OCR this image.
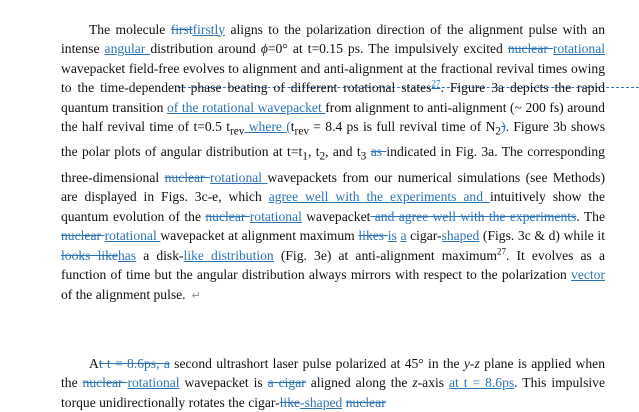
The molecule firstfirstly aligns to the polarization direction of the alignment pulse with an intense angular distribution around ϕ=0° at t=0.15 ps. The impulsively excited nuclear rotational wavepacket field-free evolves to alignment and anti-alignment at the fractional revival times owing to the time-dependent phase beating of different rotational states$^{27}$. Figure 3a depicts the rapid quantum transition of the rotational wavepacket from alignment to anti-alignment (~ 200 fs) around the half revival time of t=0.5 $t_{rev}$ where ($t_{rev} = 8.4$ ps is full revival time of $N_2$). Figure 3b shows the polar plots of angular distribution at $t=t_1$, $t_2$, and $t_3$ as indicated in Fig. 3a. The corresponding three-dimensional nuclear rotational wavepackets from our numerical simulations (see Methods) are displayed in Figs. 3c-e, which agree well with the experiments and intuitively show the quantum evolution of the nuclear rotational wavepacket and agree well with the experiments. The nuclear rotational wavepacket at alignment maximum likes is a cigar-shaped (Figs. 3c & d) while it looks likehas a disk-like distribution (Fig. 3e) at anti-alignment maximum$^{27}$. It evolves as a function of time but the angular distribution always mirrors with respect to the polarization vector of the alignment pulse. ↵

At t = 8.6ps, a second ultrashort laser pulse polarized at 45° in the y-z plane is applied when the nuclear rotational wavepacket is a cigar aligned along the z-axis at t = 8.6ps. This impulsive torque unidirectionally rotates the cigar-like-shaped nuclear
